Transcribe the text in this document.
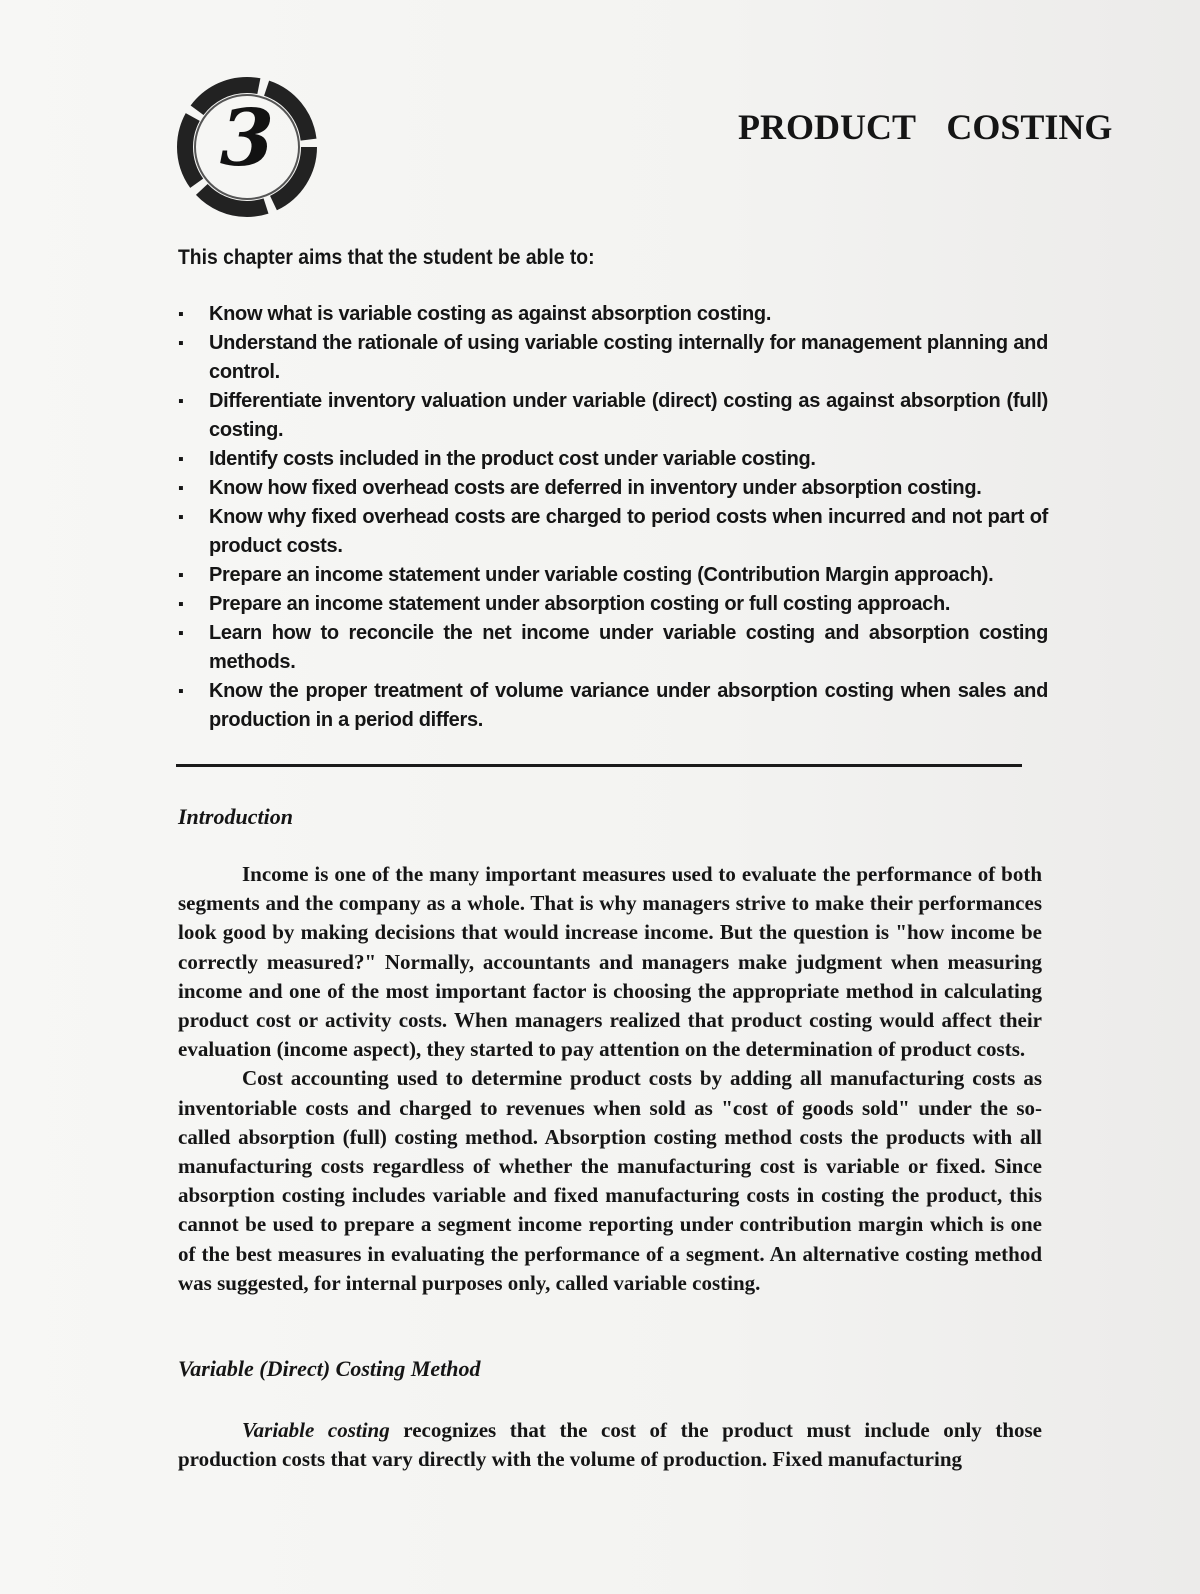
3	PRODUCT COSTING
This chapter aims that the student be able to:
▪ Know what is variable costing as against absorption costing.
▪ Understand the rationale of using variable costing internally for management planning and control.
▪ Differentiate inventory valuation under variable (direct) costing as against absorption (full) costing.
▪ Identify costs included in the product cost under variable costing.
▪ Know how fixed overhead costs are deferred in inventory under absorption costing.
▪ Know why fixed overhead costs are charged to period costs when incurred and not part of product costs.
▪ Prepare an income statement under variable costing (Contribution Margin approach).
▪ Prepare an income statement under absorption costing or full costing approach.
▪ Learn how to reconcile the net income under variable costing and absorption costing methods.
▪ Know the proper treatment of volume variance under absorption costing when sales and production in a period differs.
Introduction

Income is one of the many important measures used to evaluate the performance of both segments and the company as a whole. That is why managers strive to make their performances look good by making decisions that would increase income. But the question is "how income be correctly measured?" Normally, accountants and managers make judgment when measuring income and one of the most important factor is choosing the appropriate method in calculating product cost or activity costs. When managers realized that product costing would affect their evaluation (income aspect), they started to pay attention on the determination of product costs.

Cost accounting used to determine product costs by adding all manufacturing costs as inventoriable costs and charged to revenues when sold as "cost of goods sold" under the so-called absorption (full) costing method. Absorption costing method costs the products with all manufacturing costs regardless of whether the manufacturing cost is variable or fixed. Since absorption costing includes variable and fixed manufacturing costs in costing the product, this cannot be used to prepare a segment income reporting under contribution margin which is one of the best measures in evaluating the performance of a segment. An alternative costing method was suggested, for internal purposes only, called variable costing.

Variable (Direct) Costing Method

Variable costing recognizes that the cost of the product must include only those production costs that vary directly with the volume of production. Fixed manufacturing
